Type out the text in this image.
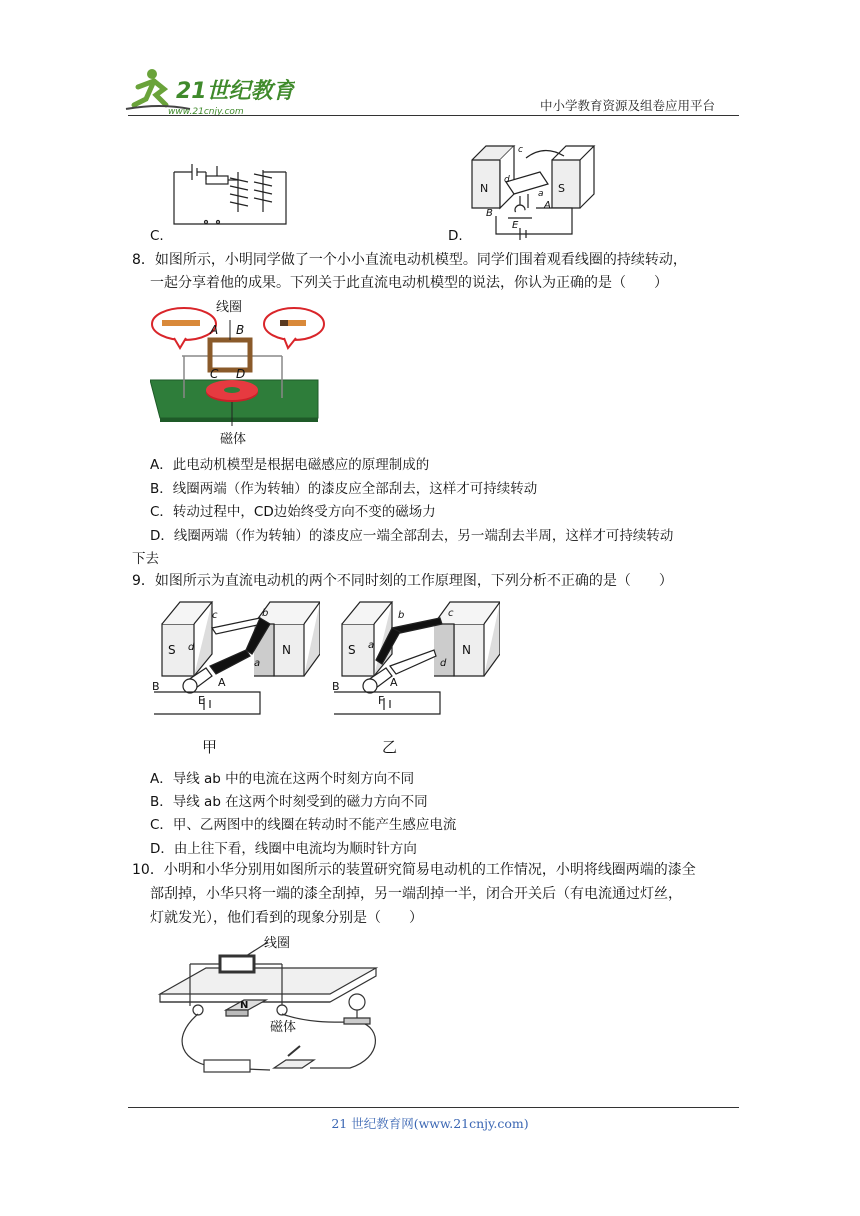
21世纪教育
www.21cnjy.com	中小学教育资源及组卷应用平台
C.
N	S
c
d
a
A
B
E
D.
8．如图所示，小明同学做了一个小小直流电动机模型。同学们围着观看线圈的持续转动，
一起分享着他的成果。下列关于此直流电动机模型的说法，你认为正确的是（　　）
A B
C D
线圈
磁体
A．此电动机模型是根据电磁感应的原理制成的
B．线圈两端（作为转轴）的漆皮应全部刮去，这样才可持续转动
C．转动过程中，CD边始终受方向不变的磁场力
D．线圈两端（作为转轴）的漆皮应一端全部刮去，另一端刮去半周，这样才可持续转动
下去
9．如图所示为直流电动机的两个不同时刻的工作原理图，下列分析不正确的是（　　）
S	N
c	b
d
a
A
B
E
S	N
b	c
a
d
A
B
F
甲	乙
A．导线 ab 中的电流在这两个时刻方向不同
B．导线 ab 在这两个时刻受到的磁力方向不同
C．甲、乙两图中的线圈在转动时不能产生感应电流
D．由上往下看，线圈中电流均为顺时针方向
10．小明和小华分别用如图所示的装置研究简易电动机的工作情况，小明将线圈两端的漆全
部刮掉，小华只将一端的漆全刮掉，另一端刮掉一半，闭合开关后（有电流通过灯丝，
灯就发光），他们看到的现象分别是（　　）
线圈
N
磁体
21 世纪教育网(www.21cnjy.com)
